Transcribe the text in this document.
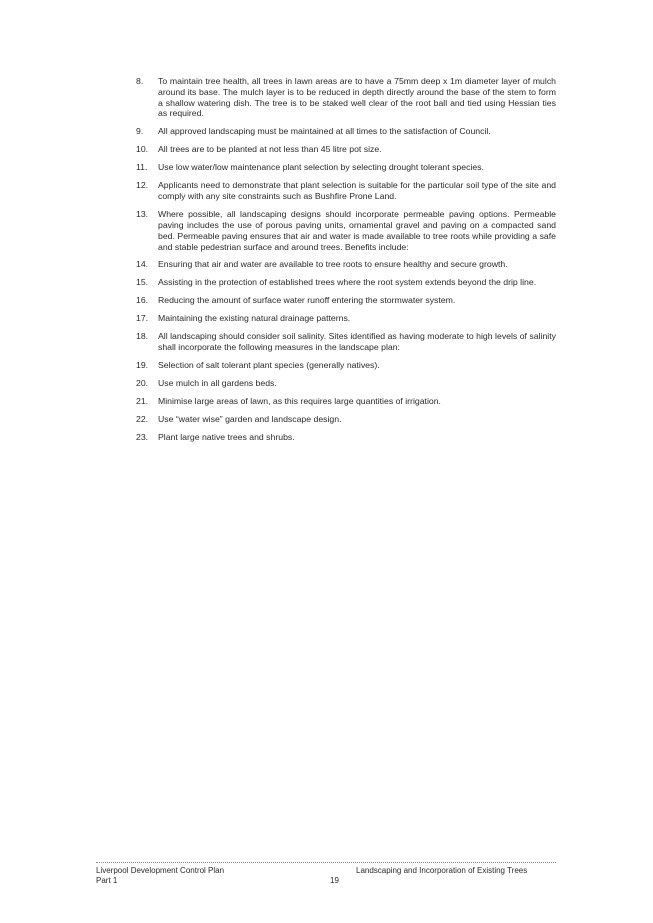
8.	To maintain tree health, all trees in lawn areas are to have a 75mm deep x 1m diameter layer of mulch around its base. The mulch layer is to be reduced in depth directly around the base of the stem to form a shallow watering dish. The tree is to be staked well clear of the root ball and tied using Hessian ties as required.
9.	All approved landscaping must be maintained at all times to the satisfaction of Council.
10.	All trees are to be planted at not less than 45 litre pot size.
11.	Use low water/low maintenance plant selection by selecting drought tolerant species.
12.	Applicants need to demonstrate that plant selection is suitable for the particular soil type of the site and comply with any site constraints such as Bushfire Prone Land.
13.	Where possible, all landscaping designs should incorporate permeable paving options. Permeable paving includes the use of porous paving units, ornamental gravel and paving on a compacted sand bed. Permeable paving ensures that air and water is made available to tree roots while providing a safe and stable pedestrian surface and around trees. Benefits include:
14.	Ensuring that air and water are available to tree roots to ensure healthy and secure growth.
15.	Assisting in the protection of established trees where the root system extends beyond the drip line.
16.	Reducing the amount of surface water runoff entering the stormwater system.
17.	Maintaining the existing natural drainage patterns.
18.	All landscaping should consider soil salinity. Sites identified as having moderate to high levels of salinity shall incorporate the following measures in the landscape plan:
19.	Selection of salt tolerant plant species (generally natives).
20.	Use mulch in all gardens beds.
21.	Minimise large areas of lawn, as this requires large quantities of irrigation.
22.	Use “water wise” garden and landscape design.
23.	Plant large native trees and shrubs.
Liverpool Development Control Plan
Part 1
Landscaping and Incorporation of Existing Trees
19
